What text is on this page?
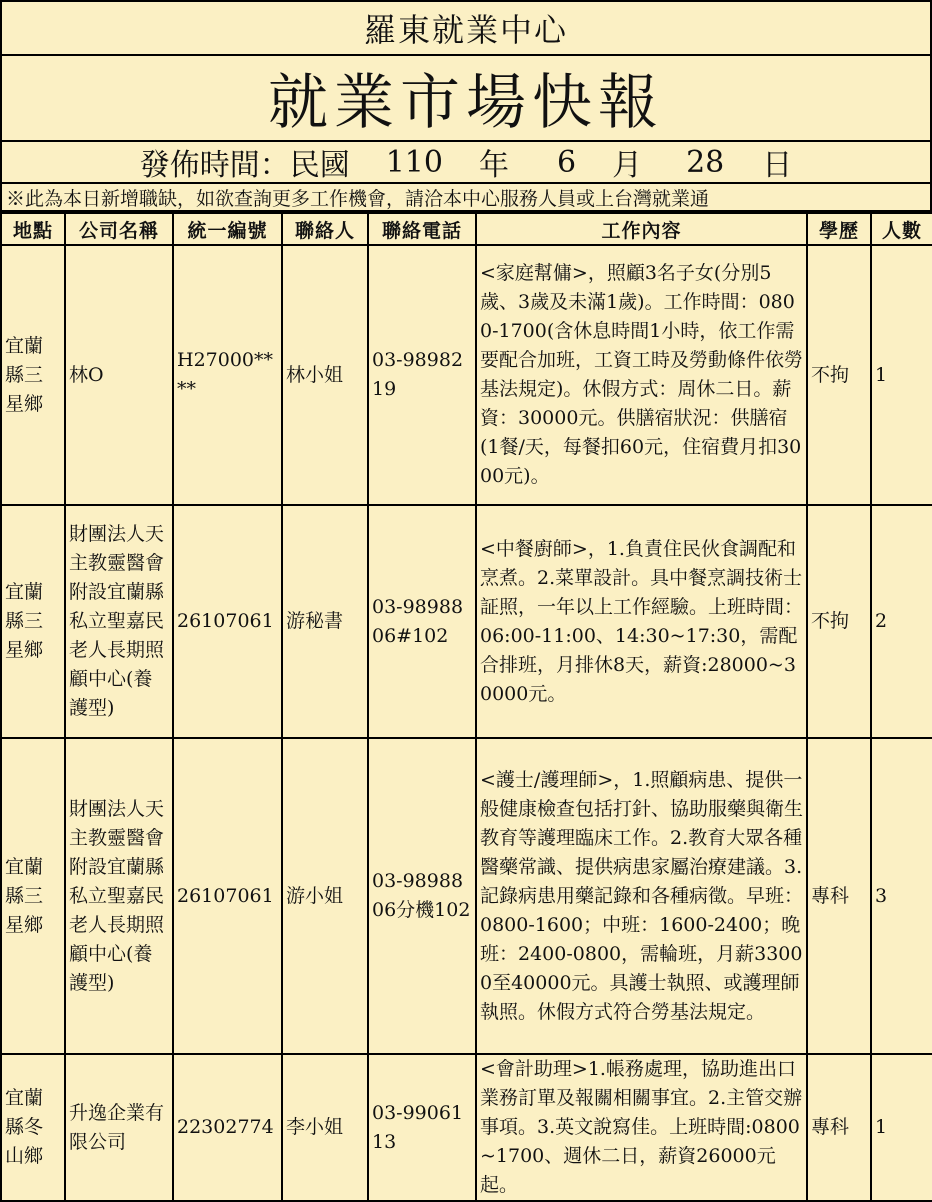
羅東就業中心
就業市場快報
發佈時間：民國 110 年 6 月 28 日
※此為本日新增職缺，如欲查詢更多工作機會，請洽本中心服務人員或上台灣就業通
地點	公司名稱	統一編號	聯絡人	聯絡電話	工作內容	學歷	人數
宜蘭縣三星鄉	林O	H27000****	林小姐	03-9898219	<家庭幫傭>，照顧3名子女(分別5歲、3歲及未滿1歲)。工作時間：0800-1700(含休息時間1小時，依工作需要配合加班，工資工時及勞動條件依勞基法規定)。休假方式：周休二日。薪資：30000元。供膳宿狀況：供膳宿(1餐/天，每餐扣60元，住宿費月扣3000元)。	不拘	1
宜蘭縣三星鄉	財團法人天主教靈醫會附設宜蘭縣私立聖嘉民老人長期照顧中心(養護型)	26107061	游秘書	03-9898806#102	<中餐廚師>，1.負責住民伙食調配和烹煮。2.菜單設計。具中餐烹調技術士証照，一年以上工作經驗。上班時間：06:00-11:00、14:30~17:30，需配合排班，月排休8天，薪資:28000~30000元。	不拘	2
宜蘭縣三星鄉	財團法人天主教靈醫會附設宜蘭縣私立聖嘉民老人長期照顧中心(養護型)	26107061	游小姐	03-9898806分機102	<護士/護理師>，1.照顧病患、提供一般健康檢查包括打針、協助服藥與衛生教育等護理臨床工作。2.教育大眾各種醫藥常識、提供病患家屬治療建議。3.記錄病患用藥記錄和各種病徵。早班：0800-1600；中班：1600-2400；晚班：2400-0800，需輪班，月薪33000至40000元。具護士執照、或護理師執照。休假方式符合勞基法規定。	專科	3
宜蘭縣冬山鄉	升逸企業有限公司	22302774	李小姐	03-9906113	<會計助理>1.帳務處理，協助進出口業務訂單及報關相關事宜。2.主管交辦事項。3.英文說寫佳。上班時間:0800~1700、週休二日，薪資26000元起。	專科	1
